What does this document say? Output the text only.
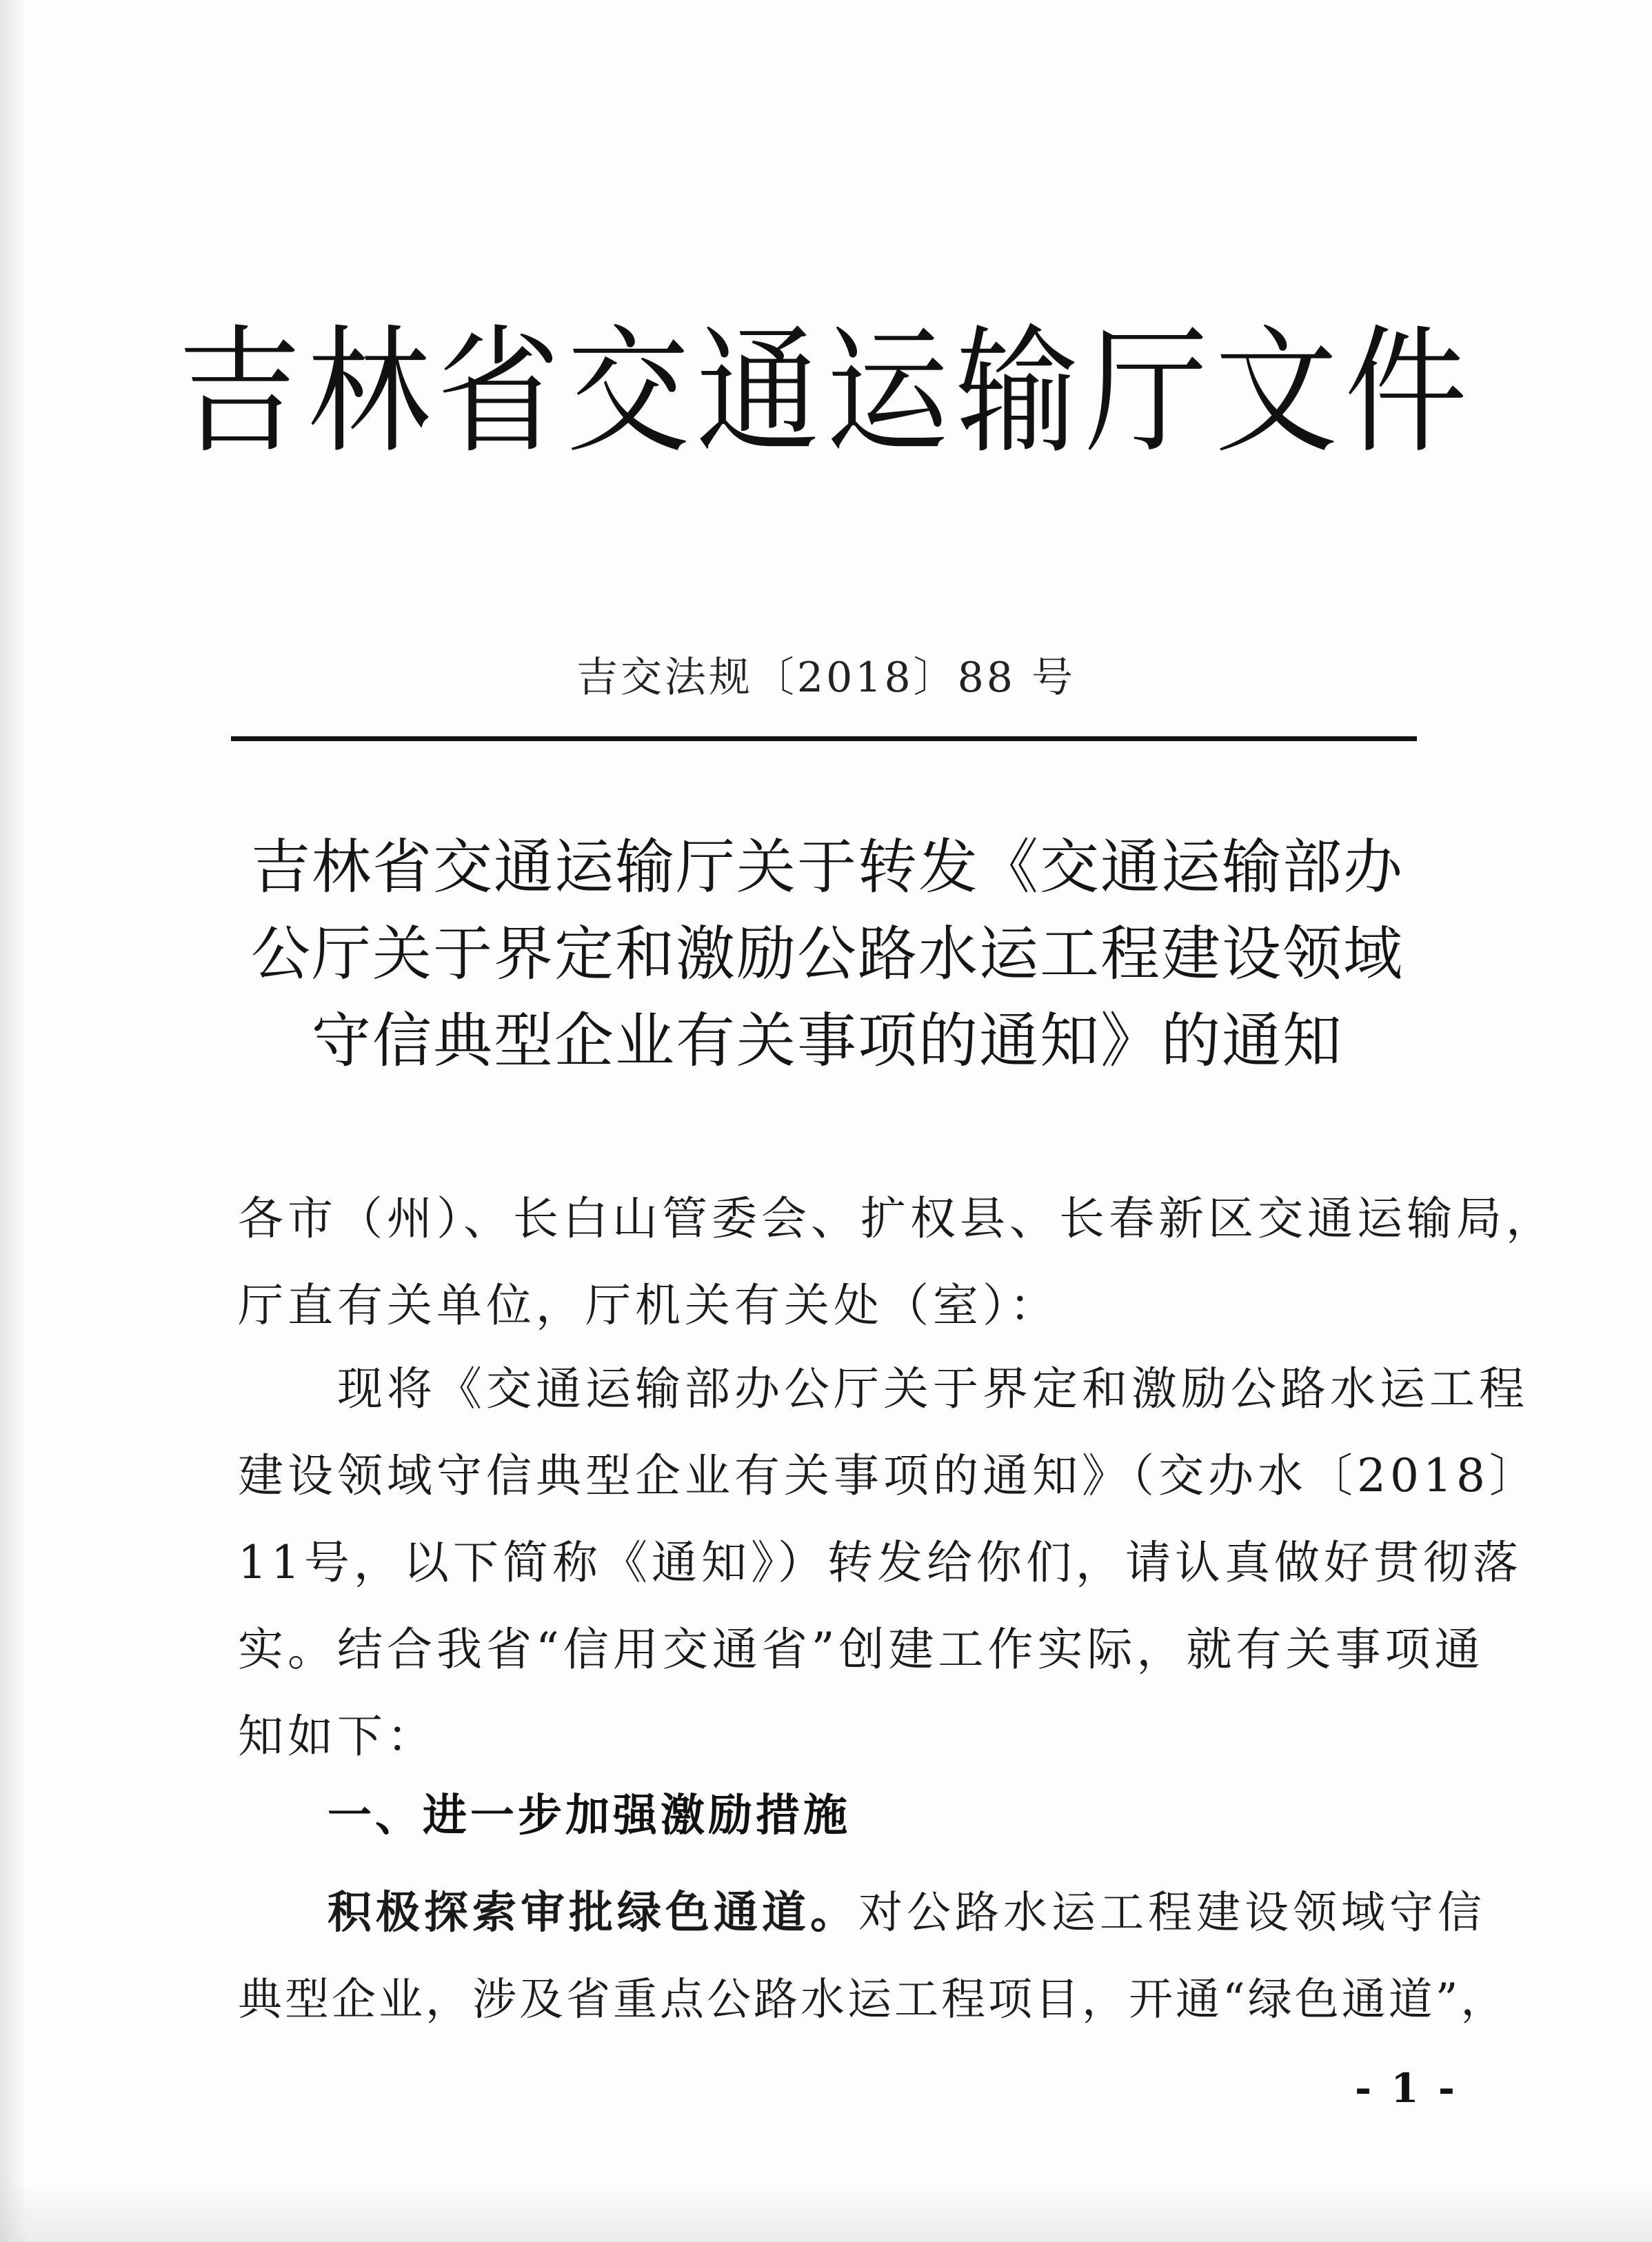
吉林省交通运输厅文件
吉交法规〔2018〕88 号
吉林省交通运输厅关于转发《交通运输部办
公厅关于界定和激励公路水运工程建设领域
守信典型企业有关事项的通知》的通知
各市（州）、长白山管委会、扩权县、长春新区交通运输局，
厅直有关单位，厅机关有关处（室）：
　　现将《交通运输部办公厅关于界定和激励公路水运工程
建设领域守信典型企业有关事项的通知》（交办水〔2018〕
11号，以下简称《通知》）转发给你们，请认真做好贯彻落
实。结合我省“信用交通省”创建工作实际，就有关事项通
知如下：
一、进一步加强激励措施
积极探索审批绿色通道。对公路水运工程建设领域守信
典型企业，涉及省重点公路水运工程项目，开通“绿色通道”，
- 1 -
